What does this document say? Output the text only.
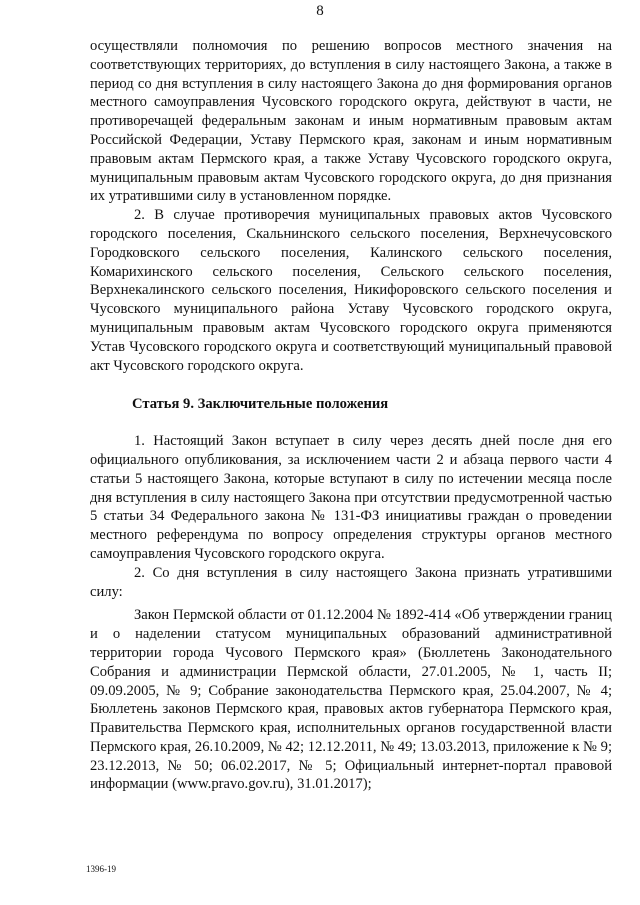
8

осуществляли полномочия по решению вопросов местного значения на соответствующих территориях, до вступления в силу настоящего Закона, а также в период со дня вступления в силу настоящего Закона до дня формирования органов местного самоуправления Чусовского городского округа, действуют в части, не противоречащей федеральным законам и иным нормативным правовым актам Российской Федерации, Уставу Пермского края, законам и иным нормативным правовым актам Пермского края, а также Уставу Чусовского городского округа, муниципальным правовым актам Чусовского городского округа, до дня признания их утратившими силу в установленном порядке.

2. В случае противоречия муниципальных правовых актов Чусовского городского поселения, Скальнинского сельского поселения, Верхнечусовского Городковского сельского поселения, Калинского сельского поселения, Комарихинского сельского поселения, Сельского сельского поселения, Верхнекалинского сельского поселения, Никифоровского сельского поселения и Чусовского муниципального района Уставу Чусовского городского округа, муниципальным правовым актам Чусовского городского округа применяются Устав Чусовского городского округа и соответствующий муниципальный правовой акт Чусовского городского округа.

Статья 9. Заключительные положения

1. Настоящий Закон вступает в силу через десять дней после дня его официального опубликования, за исключением части 2 и абзаца первого части 4 статьи 5 настоящего Закона, которые вступают в силу по истечении месяца после дня вступления в силу настоящего Закона при отсутствии предусмотренной частью 5 статьи 34 Федерального закона № 131-ФЗ инициативы граждан о проведении местного референдума по вопросу определения структуры органов местного самоуправления Чусовского городского округа.

2. Со дня вступления в силу настоящего Закона признать утратившими силу:

Закон Пермской области от 01.12.2004 № 1892-414 «Об утверждении границ и о наделении статусом муниципальных образований административной территории города Чусового Пермского края» (Бюллетень Законодательного Собрания и администрации Пермской области, 27.01.2005, № 1, часть II; 09.09.2005, № 9; Собрание законодательства Пермского края, 25.04.2007, № 4; Бюллетень законов Пермского края, правовых актов губернатора Пермского края, Правительства Пермского края, исполнительных органов государственной власти Пермского края, 26.10.2009, № 42; 12.12.2011, № 49; 13.03.2013, приложение к № 9; 23.12.2013, № 50; 06.02.2017, № 5; Официальный интернет-портал правовой информации (www.pravo.gov.ru), 31.01.2017);

1396-19
